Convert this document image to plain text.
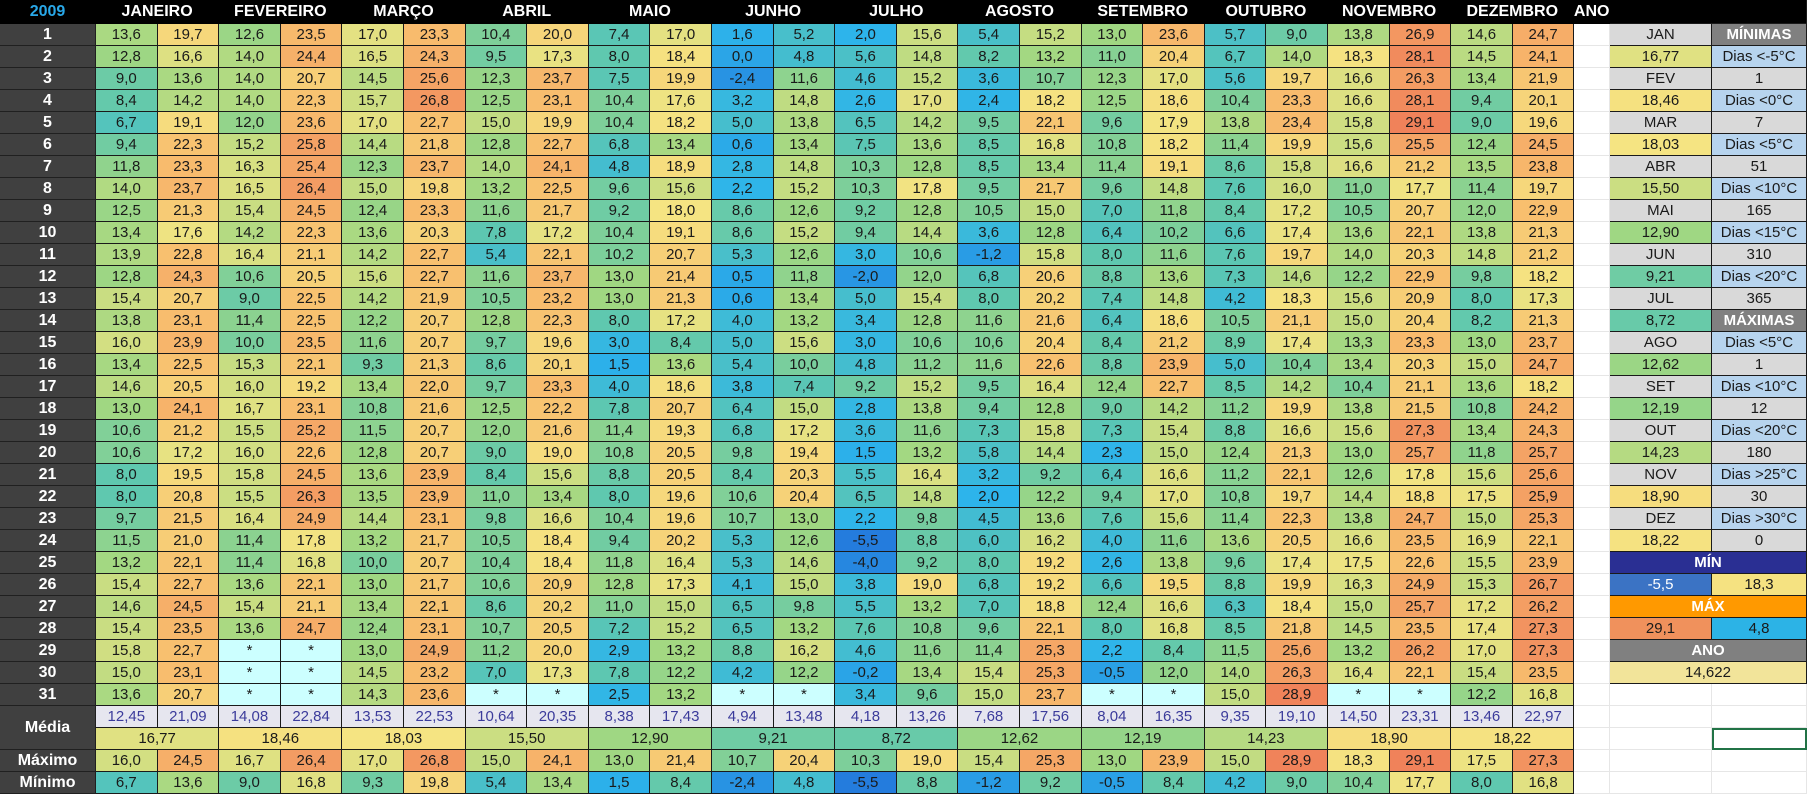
2009	JANEIRO	FEVEREIRO	MARÇO	ABRIL	MAIO	JUNHO	JULHO	AGOSTO	SETEMBRO	OUTUBRO	NOVEMBRO	DEZEMBRO ANO
1	13,6	19,7	12,6	23,5	17,0	23,3	10,4	20,0	7,4	17,0	1,6	5,2	2,0	15,6	5,4	15,2	13,0	23,6	5,7	9,0	13,8	26,9	14,6	24,7
2	12,8	16,6	14,0	24,4	16,5	24,3	9,5	17,3	8,0	18,4	0,0	4,8	5,6	14,8	8,2	13,2	11,0	20,4	6,7	14,0	18,3	28,1	14,5	24,1
3	9,0	13,6	14,0	20,7	14,5	25,6	12,3	23,7	7,5	19,9	-2,4	11,6	4,6	15,2	3,6	10,7	12,3	17,0	5,6	19,7	16,6	26,3	13,4	21,9
4	8,4	14,2	14,0	22,3	15,7	26,8	12,5	23,1	10,4	17,6	3,2	14,8	2,6	17,0	2,4	18,2	12,5	18,6	10,4	23,3	16,6	28,1	9,4	20,1
5	6,7	19,1	12,0	23,6	17,0	22,7	15,0	19,9	10,4	18,2	5,0	13,8	6,5	14,2	9,5	22,1	9,6	17,9	13,8	23,4	15,8	29,1	9,0	19,6
6	9,4	22,3	15,2	25,8	14,4	21,8	12,8	22,7	6,8	13,4	0,6	13,4	7,5	13,6	8,5	16,8	10,8	18,2	11,4	19,9	15,6	25,5	12,4	24,5
7	11,8	23,3	16,3	25,4	12,3	23,7	14,0	24,1	4,8	18,9	2,8	14,8	10,3	12,8	8,5	13,4	11,4	19,1	8,6	15,8	16,6	21,2	13,5	23,8
8	14,0	23,7	16,5	26,4	15,0	19,8	13,2	22,5	9,6	15,6	2,2	15,2	10,3	17,8	9,5	21,7	9,6	14,8	7,6	16,0	11,0	17,7	11,4	19,7
9	12,5	21,3	15,4	24,5	12,4	23,3	11,6	21,7	9,2	18,0	8,6	12,6	9,2	12,8	10,5	15,0	7,0	11,8	8,4	17,2	10,5	20,7	12,0	22,9
10	13,4	17,6	14,2	22,3	13,6	20,3	7,8	17,2	10,4	19,1	8,6	15,2	9,4	14,4	3,6	12,8	6,4	10,2	6,6	17,4	13,6	22,1	13,8	21,3
11	13,9	22,8	16,4	21,1	14,2	22,7	5,4	22,1	10,2	20,7	5,3	12,6	3,0	10,6	-1,2	15,8	8,0	11,6	7,6	19,7	14,0	20,3	14,8	21,2
12	12,8	24,3	10,6	20,5	15,6	22,7	11,6	23,7	13,0	21,4	0,5	11,8	-2,0	12,0	6,8	20,6	8,8	13,6	7,3	14,6	12,2	22,9	9,8	18,2
13	15,4	20,7	9,0	22,5	14,2	21,9	10,5	23,2	13,0	21,3	0,6	13,4	5,0	15,4	8,0	20,2	7,4	14,8	4,2	18,3	15,6	20,9	8,0	17,3
14	13,8	23,1	11,4	22,5	12,2	20,7	12,8	22,3	8,0	17,2	4,0	13,2	3,4	12,8	11,6	21,6	6,4	18,6	10,5	21,1	15,0	20,4	8,2	21,3
15	16,0	23,9	10,0	23,5	11,6	20,7	9,7	19,6	3,0	8,4	5,0	15,6	3,0	10,6	10,6	20,4	8,4	21,2	8,9	17,4	13,3	23,3	13,0	23,7
16	13,4	22,5	15,3	22,1	9,3	21,3	8,6	20,1	1,5	13,6	5,4	10,0	4,8	11,2	11,6	22,6	8,8	23,9	5,0	10,4	13,4	20,3	15,0	24,7
17	14,6	20,5	16,0	19,2	13,4	22,0	9,7	23,3	4,0	18,6	3,8	7,4	9,2	15,2	9,5	16,4	12,4	22,7	8,5	14,2	10,4	21,1	13,6	18,2
18	13,0	24,1	16,7	23,1	10,8	21,6	12,5	22,2	7,8	20,7	6,4	15,0	2,8	13,8	9,4	12,8	9,0	14,2	11,2	19,9	13,8	21,5	10,8	24,2
19	10,6	21,2	15,5	25,2	11,5	20,7	12,0	21,6	11,4	19,3	6,8	17,2	3,6	11,6	7,3	15,8	7,3	15,4	8,8	16,6	15,6	27,3	13,4	24,3
20	10,6	17,2	16,0	22,6	12,8	20,7	9,0	19,0	10,8	20,5	9,8	19,4	1,5	13,2	5,8	14,4	2,3	15,0	12,4	21,3	13,0	25,7	11,8	25,7
21	8,0	19,5	15,8	24,5	13,6	23,9	8,4	15,6	8,8	20,5	8,4	20,3	5,5	16,4	3,2	9,2	6,4	16,6	11,2	22,1	12,6	17,8	15,6	25,6
22	8,0	20,8	15,5	26,3	13,5	23,9	11,0	13,4	8,0	19,6	10,6	20,4	6,5	14,8	2,0	12,2	9,4	17,0	10,8	19,7	14,4	18,8	17,5	25,9
23	9,7	21,5	16,4	24,9	14,4	23,1	9,8	16,6	10,4	19,6	10,7	13,0	2,2	9,8	4,5	13,6	7,6	15,6	11,4	22,3	13,8	24,7	15,0	25,3
24	11,5	21,0	11,4	17,8	13,2	21,7	10,5	18,4	9,4	20,2	5,3	12,6	-5,5	8,8	6,0	16,2	4,0	11,6	13,6	20,5	16,6	23,5	16,9	22,1
25	13,2	22,1	11,4	16,8	10,0	20,7	10,4	18,4	11,8	16,4	5,3	14,6	-4,0	9,2	8,0	19,2	2,6	13,8	9,6	17,4	17,5	22,6	15,5	23,9
26	15,4	22,7	13,6	22,1	13,0	21,7	10,6	20,9	12,8	17,3	4,1	15,0	3,8	19,0	6,8	19,2	6,6	19,5	8,8	19,9	16,3	24,9	15,3	26,7
27	14,6	24,5	15,4	21,1	13,4	22,1	8,6	20,2	11,0	15,0	6,5	9,8	5,5	13,2	7,0	18,8	12,4	16,6	6,3	18,4	15,0	25,7	17,2	26,2
28	15,4	23,5	13,6	24,7	12,4	23,1	10,7	20,5	7,2	15,2	6,5	13,2	7,6	10,8	9,6	22,1	8,0	16,8	8,5	21,8	14,5	23,5	17,4	27,3
29	15,8	22,7	*	*	13,0	24,9	11,2	20,0	2,9	13,2	8,8	16,2	4,6	11,6	11,4	25,3	2,2	8,4	11,5	25,6	13,2	26,2	17,0	27,3
30	15,0	23,1	*	*	14,5	23,2	7,0	17,3	7,8	12,2	4,2	12,2	-0,2	13,4	15,4	25,3	-0,5	12,0	14,0	26,3	16,4	22,1	15,4	23,5
31	13,6	20,7	*	*	14,3	23,6	*	*	2,5	13,2	*	*	3,4	9,6	15,0	23,7	*	*	15,0	28,9	*	*	12,2	16,8
Média
12,45	21,09	14,08	22,84	13,53	22,53	10,64	20,35	8,38	17,43	4,94	13,48	4,18	13,26	7,68	17,56	8,04	16,35	9,35	19,10	14,50	23,31	13,46	22,97
16,77	18,46	18,03	15,50	12,90	9,21	8,72	12,62	12,19	14,23	18,90	18,22
Máximo	16,0	24,5	16,7	26,4	17,0	26,8	15,0	24,1	13,0	21,4	10,7	20,4	10,3	19,0	15,4	25,3	13,0	23,9	15,0	28,9	18,3	29,1	17,5	27,3
Mínimo	6,7	13,6	9,0	16,8	9,3	19,8	5,4	13,4	1,5	8,4	-2,4	4,8	-5,5	8,8	-1,2	9,2	-0,5	8,4	4,2	9,0	10,4	17,7	8,0	16,8
JAN	MÍNIMAS
16,77	Dias <-5°C
FEV	1
18,46	Dias <0°C
MAR	7
18,03	Dias <5°C
ABR	51
15,50	Dias <10°C
MAI	165
12,90	Dias <15°C
JUN	310
9,21	Dias <20°C
JUL	365
8,72	MÁXIMAS
AGO	Dias <5°C
12,62	1
SET	Dias <10°C
12,19	12
OUT	Dias <20°C
14,23	180
NOV	Dias >25°C
18,90	30
DEZ	Dias >30°C
18,22	0
MÍN
-5,5	18,3
MÁX
29,1	4,8
ANO
14,622
